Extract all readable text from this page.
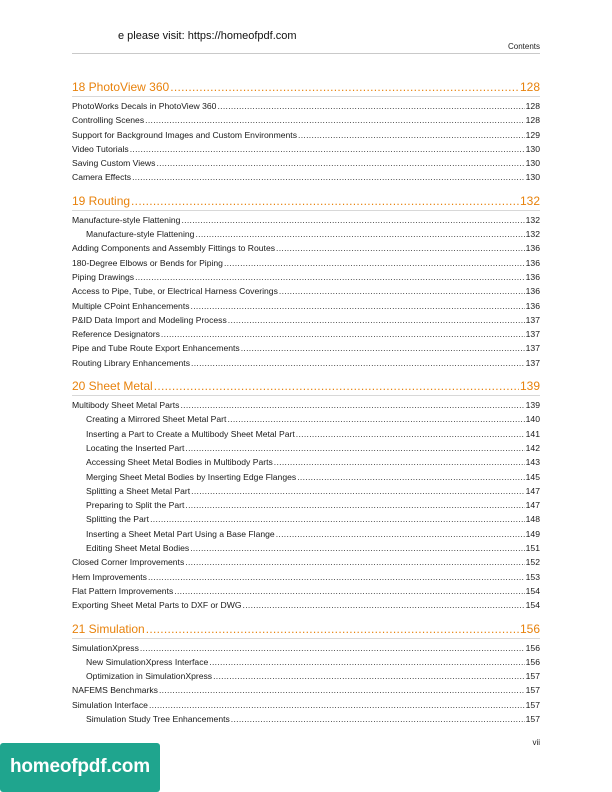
Contents
18 PhotoView 360 .....	128
PhotoWorks Decals in PhotoView 360 .....	128
Controlling Scenes .....	128
Support for Background Images and Custom Environments .....	129
Video Tutorials .....	130
Saving Custom Views .....	130
Camera Effects .....	130
19 Routing .....	132
Manufacture-style Flattening .....	132
Manufacture-style Flattening .....	132
Adding Components and Assembly Fittings to Routes .....	136
180-Degree Elbows or Bends for Piping .....	136
Piping Drawings .....	136
Access to Pipe, Tube, or Electrical Harness Coverings .....	136
Multiple CPoint Enhancements .....	136
P&ID Data Import and Modeling Process .....	137
Reference Designators .....	137
Pipe and Tube Route Export Enhancements .....	137
Routing Library Enhancements .....	137
20 Sheet Metal .....	139
Multibody Sheet Metal Parts .....	139
Creating a Mirrored Sheet Metal Part .....	140
Inserting a Part to Create a Multibody Sheet Metal Part .....	141
Locating the Inserted Part .....	142
Accessing Sheet Metal Bodies in Multibody Parts .....	143
Merging Sheet Metal Bodies by Inserting Edge Flanges .....	145
Splitting a Sheet Metal Part .....	147
Preparing to Split the Part .....	147
Splitting the Part .....	148
Inserting a Sheet Metal Part Using a Base Flange .....	149
Editing Sheet Metal Bodies .....	151
Closed Corner Improvements .....	152
Hem Improvements .....	153
Flat Pattern Improvements .....	154
Exporting Sheet Metal Parts to DXF or DWG .....	154
21 Simulation .....	156
SimulationXpress .....	156
New SimulationXpress Interface .....	156
Optimization in SimulationXpress .....	157
NAFEMS Benchmarks .....	157
Simulation Interface .....	157
Simulation Study Tree Enhancements .....	157
vii
homeofpdf.com
e please visit: https://homeofpdf.com
